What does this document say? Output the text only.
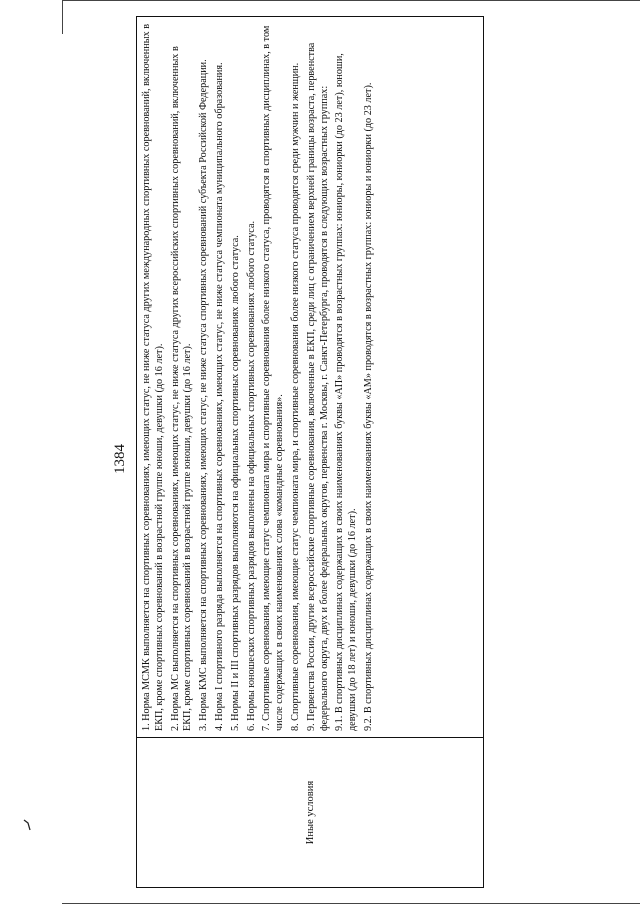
1384
Иные условия

1. Норма МСМК выполняется на спортивных соревнованиях, имеющих статус, не ниже статуса других международных спортивных соревнований, включенных в ЕКП, кроме спортивных соревнований в возрастной группе юноши, девушки (до 16 лет). 2. Норма МС выполняется на спортивных соревнованиях, имеющих статус, не ниже статуса других всероссийских спортивных соревнований, включенных в ЕКП, кроме спортивных соревнований в возрастной группе юноши, девушки (до 16 лет). 3. Норма КМС выполняется на спортивных соревнованиях, имеющих статус, не ниже статуса спортивных соревнований субъекта Российской Федерации. 4. Норма I спортивного разряда выполняется на спортивных соревнованиях, имеющих статус, не ниже статуса чемпионата муниципального образования. 5. Нормы II и III спортивных разрядов выполняются на официальных спортивных соревнованиях любого статуса. 6. Нормы юношеских спортивных разрядов выполнены на официальных спортивных соревнованиях любого статуса. 7. Спортивные соревнования, имеющие статус чемпионата мира и спортивные соревнования более низкого статуса, проводятся в спортивных дисциплинах, в том числе содержащих в своих наименованиях слова «командные соревнования». 8. Спортивные соревнования, имеющие статус чемпионата мира, и спортивные соревнования более низкого статуса проводятся среди мужчин и женщин. 9. Первенства России, другие всероссийские спортивные соревнования, включенные в ЕКП, среди лиц с ограничением верхней границы возраста, первенства федерального округа, двух и более федеральных округов, первенства г. Москвы, г. Санкт-Петербурга, проводятся в следующих возрастных группах: 9.1. В спортивных дисциплинах содержащих в своих наименованиях буквы «АП» проводятся в возрастных группах: юниоры, юниорки (до 23 лет), юноши, девушки (до 18 лет) и юноши, девушки (до 16 лет). 9.2. В спортивных дисциплинах содержащих в своих наименованиях буквы «АМ» проводятся в возрастных группах: юниоры и юниорки (до 23 лет).
